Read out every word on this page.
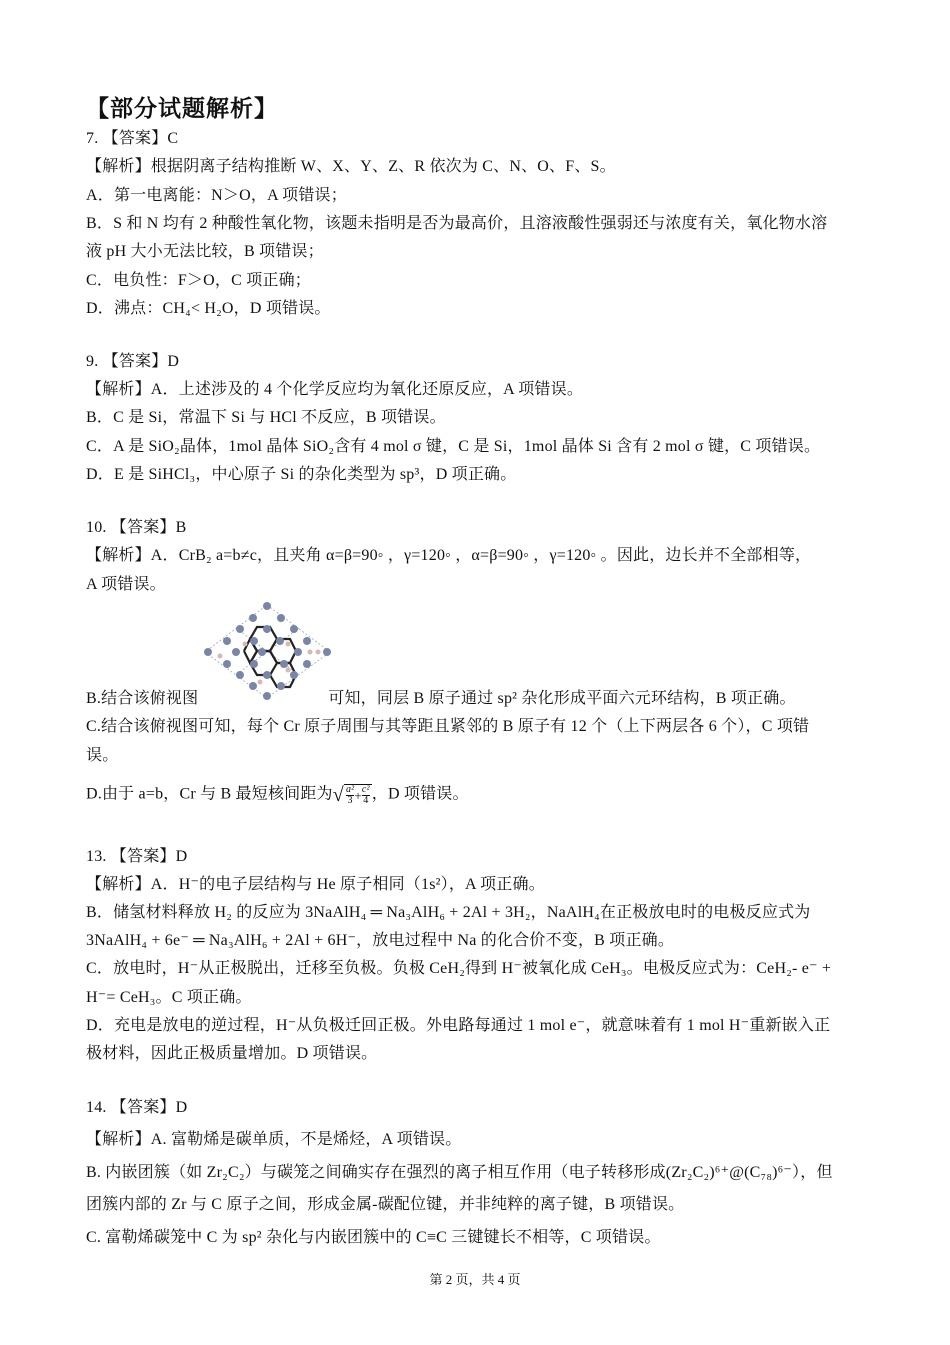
【部分试题解析】
7. 【答案】C
【解析】根据阴离子结构推断 W、X、Y、Z、R 依次为 C、N、O、F、S。
A．第一电离能：N＞O，A 项错误；
B．S 和 N 均有 2 种酸性氧化物，该题未指明是否为最高价，且溶液酸性强弱还与浓度有关，氧化物水溶
液 pH 大小无法比较，B 项错误；
C．电负性：F＞O，C 项正确；
D．沸点：CH₄< H₂O，D 项错误。
9. 【答案】D
【解析】A．上述涉及的 4 个化学反应均为氧化还原反应，A 项错误。
B．C 是 Si，常温下 Si 与 HCl 不反应，B 项错误。
C．A 是 SiO₂晶体，1mol 晶体 SiO₂含有 4 mol σ 键，C 是 Si，1mol 晶体 Si 含有 2 mol σ 键，C 项错误。
D．E 是 SiHCl₃，中心原子 Si 的杂化类型为 sp³，D 项正确。
10. 【答案】B
【解析】A．CrB₂ a=b≠c，且夹角 α=β=90◦ ，γ=120◦ ，α=β=90◦ ，γ=120◦ 。因此，边长并不全部相等，
A 项错误。
B.结合该俯视图	可知，同层 B 原子通过 sp² 杂化形成平面六元环结构，B 项正确。
C.结合该俯视图可知，每个 Cr 原子周围与其等距且紧邻的 B 原子有 12 个（上下两层各 6 个），C 项错
误。
D.由于 a=b，Cr 与 B 最短核间距为 √ $\frac{\text{a²}}{3} + \frac{\text{c²}}{4}$ ，D 项错误。
13. 【答案】D
【解析】A．H⁻的电子层结构与 He 原子相同（1s²），A 项正确。
B．储氢材料释放 H₂ 的反应为 3NaAlH₄ ═ Na₃AlH₆ + 2Al + 3H₂，NaAlH₄在正极放电时的电极反应式为
3NaAlH₄ + 6e⁻ ═ Na₃AlH₆ + 2Al + 6H⁻，放电过程中 Na 的化合价不变，B 项正确。
C．放电时，H⁻从正极脱出，迁移至负极。负极 CeH₂得到 H⁻被氧化成 CeH₃。电极反应式为：CeH₂- e⁻ +
H⁻= CeH₃。C 项正确。
D．充电是放电的逆过程，H⁻从负极迁回正极。外电路每通过 1 mol e⁻，就意味着有 1 mol H⁻重新嵌入正
极材料，因此正极质量增加。D 项错误。
14. 【答案】D
【解析】A. 富勒烯是碳单质，不是烯烃，A 项错误。
B. 内嵌团簇（如 Zr₂C₂）与碳笼之间确实存在强烈的离子相互作用（电子转移形成(Zr₂C₂)⁶⁺@(C₇₈)⁶⁻），但
团簇内部的 Zr 与 C 原子之间，形成金属-碳配位键，并非纯粹的离子键，B 项错误。
C. 富勒烯碳笼中 C 为 sp² 杂化与内嵌团簇中的 C≡C 三键键长不相等，C 项错误。
第 2 页，共 4 页
